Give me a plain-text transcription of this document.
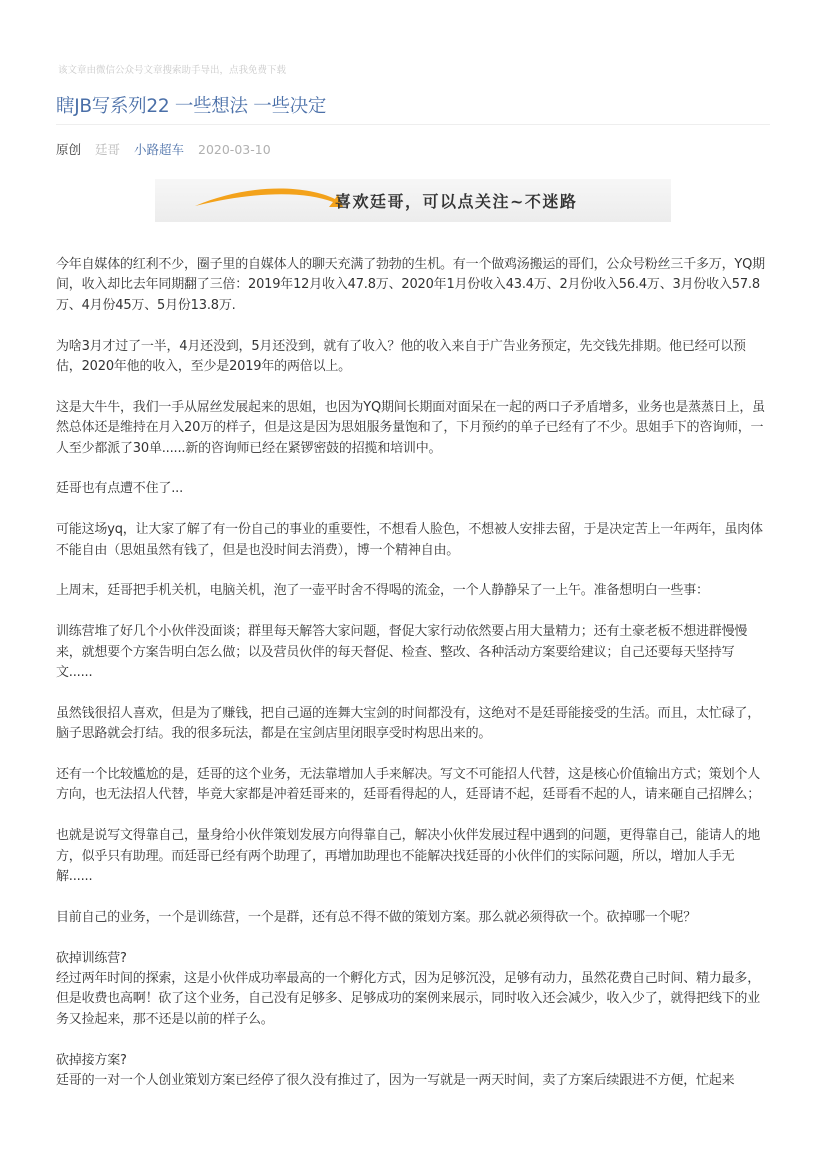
该文章由微信公众号文章搜索助手导出，点我免费下载
瞎JB写系列22 一些想法 一些决定
原创 廷哥 小路超车 2020-03-10
喜欢廷哥，可以点关注~不迷路

今年自媒体的红利不少，圈子里的自媒体人的聊天充满了勃勃的生机。有一个做鸡汤搬运的哥们，公众号粉丝三千多万，YQ期间，收入却比去年同期翻了三倍：2019年12月收入47.8万、2020年1月份收入43.4万、2月份收入56.4万、3月份收入57.8万、4月份45万、5月份13.8万.

为啥3月才过了一半，4月还没到，5月还没到，就有了收入？他的收入来自于广告业务预定，先交钱先排期。他已经可以预估，2020年他的收入，至少是2019年的两倍以上。

这是大牛牛，我们一手从屌丝发展起来的思姐，也因为YQ期间长期面对面呆在一起的两口子矛盾增多，业务也是蒸蒸日上，虽然总体还是维持在月入20万的样子，但是这是因为思姐服务量饱和了，下月预约的单子已经有了不少。思姐手下的咨询师，一人至少都派了30单......新的咨询师已经在紧锣密鼓的招揽和培训中。

廷哥也有点遭不住了...

可能这场yq，让大家了解了有一份自己的事业的重要性，不想看人脸色，不想被人安排去留，于是决定苦上一年两年，虽肉体不能自由（思姐虽然有钱了，但是也没时间去消费），博一个精神自由。

上周末，廷哥把手机关机，电脑关机，泡了一壶平时舍不得喝的流金，一个人静静呆了一上午。准备想明白一些事：

训练营堆了好几个小伙伴没面谈；群里每天解答大家问题，督促大家行动依然要占用大量精力；还有土豪老板不想进群慢慢来，就想要个方案告明白怎么做；以及营员伙伴的每天督促、检查、整改、各种活动方案要给建议；自己还要每天坚持写文......

虽然钱很招人喜欢，但是为了赚钱，把自己逼的连舞大宝剑的时间都没有，这绝对不是廷哥能接受的生活。而且，太忙碌了，脑子思路就会打结。我的很多玩法，都是在宝剑店里闭眼享受时构思出来的。

还有一个比较尴尬的是，廷哥的这个业务，无法靠增加人手来解决。写文不可能招人代替，这是核心价值输出方式；策划个人方向，也无法招人代替，毕竟大家都是冲着廷哥来的，廷哥看得起的人，廷哥请不起，廷哥看不起的人，请来砸自己招牌么；

也就是说写文得靠自己，量身给小伙伴策划发展方向得靠自己，解决小伙伴发展过程中遇到的问题，更得靠自己，能请人的地方，似乎只有助理。而廷哥已经有两个助理了，再增加助理也不能解决找廷哥的小伙伴们的实际问题，所以，增加人手无解......

目前自己的业务，一个是训练营，一个是群，还有总不得不做的策划方案。那么就必须得砍一个。砍掉哪一个呢？

砍掉训练营?

经过两年时间的探索，这是小伙伴成功率最高的一个孵化方式，因为足够沉没，足够有动力，虽然花费自己时间、精力最多，但是收费也高啊！砍了这个业务，自己没有足够多、足够成功的案例来展示，同时收入还会减少，收入少了，就得把线下的业务又捡起来，那不还是以前的样子么。

砍掉接方案?

廷哥的一对一个人创业策划方案已经停了很久没有推过了，因为一写就是一两天时间，卖了方案后续跟进不方便，忙起来
